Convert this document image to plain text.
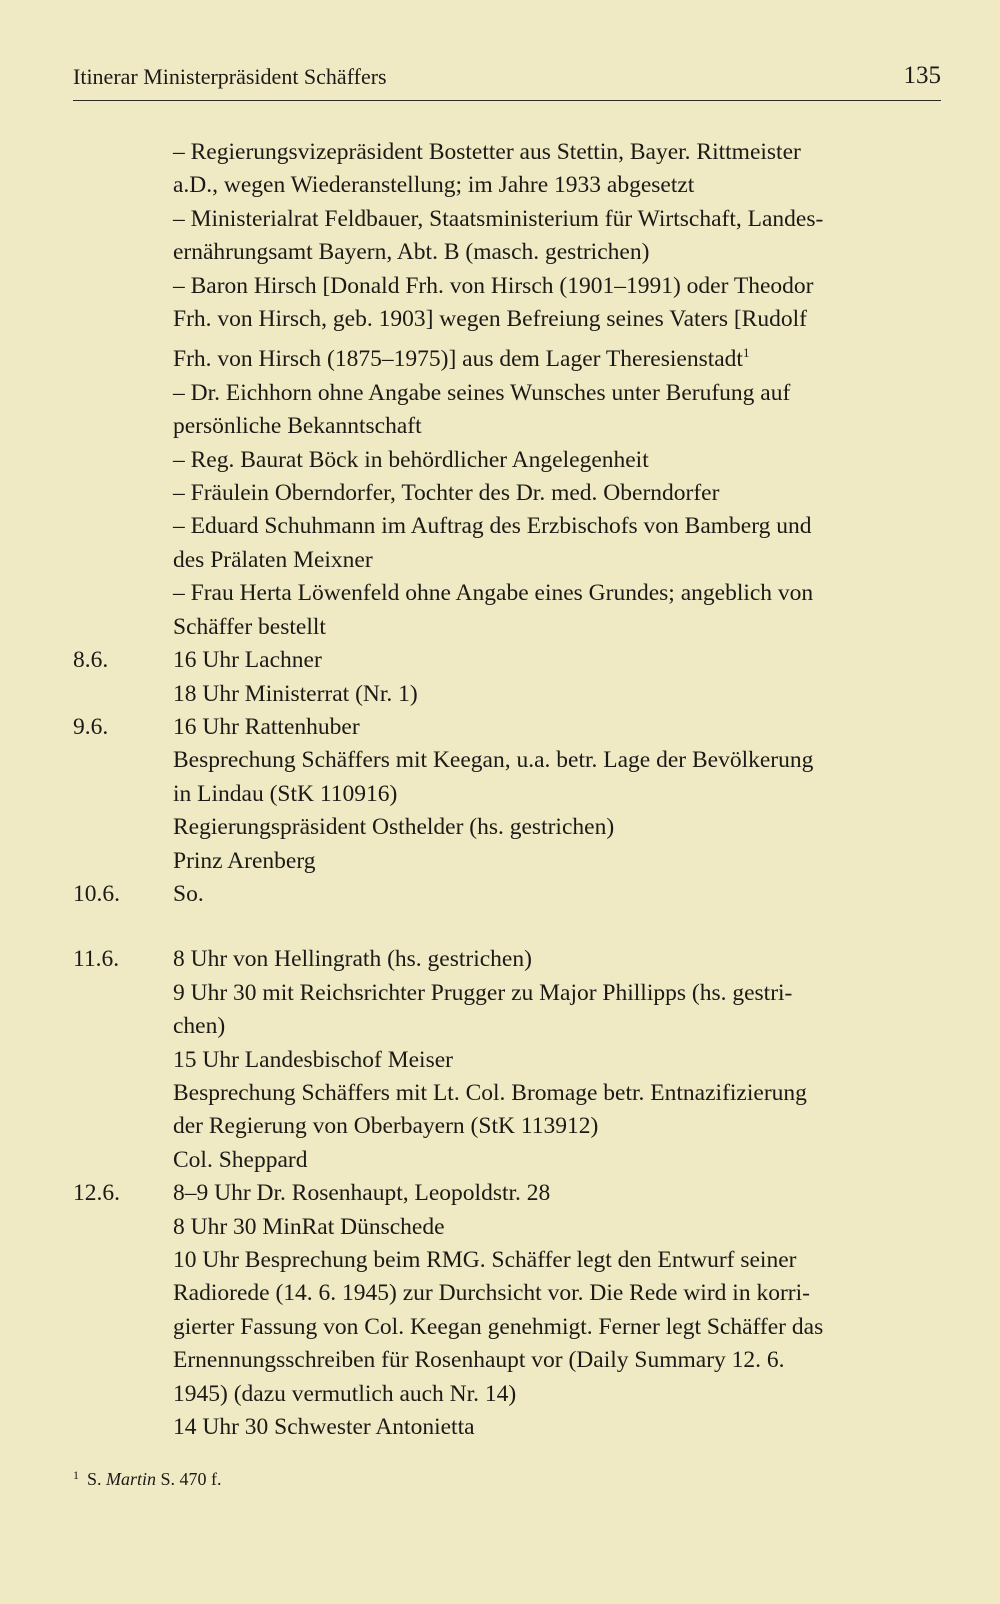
Itinerar Ministerpräsident Schäffers	135
– Regierungsvizepräsident Bostetter aus Stettin, Bayer. Rittmeister
a.D., wegen Wiederanstellung; im Jahre 1933 abgesetzt
– Ministerialrat Feldbauer, Staatsministerium für Wirtschaft, Landes-
ernährungsamt Bayern, Abt. B (masch. gestrichen)
– Baron Hirsch [Donald Frh. von Hirsch (1901–1991) oder Theodor
Frh. von Hirsch, geb. 1903] wegen Befreiung seines Vaters [Rudolf
Frh. von Hirsch (1875–1975)] aus dem Lager Theresienstadt$^1$
– Dr. Eichhorn ohne Angabe seines Wunsches unter Berufung auf
persönliche Bekanntschaft
– Reg. Baurat Böck in behördlicher Angelegenheit
– Fräulein Oberndorfer, Tochter des Dr. med. Oberndorfer
– Eduard Schuhmann im Auftrag des Erzbischofs von Bamberg und
des Prälaten Meixner
– Frau Herta Löwenfeld ohne Angabe eines Grundes; angeblich von
Schäffer bestellt
8.6.	16 Uhr Lachner
18 Uhr Ministerrat (Nr. 1)
9.6.	16 Uhr Rattenhuber
Besprechung Schäffers mit Keegan, u.a. betr. Lage der Bevölkerung
in Lindau (StK 110916)
Regierungspräsident Osthelder (hs. gestrichen)
Prinz Arenberg
10.6.	So.
11.6.	8 Uhr von Hellingrath (hs. gestrichen)
9 Uhr 30 mit Reichsrichter Prugger zu Major Phillipps (hs. gestri-
chen)
15 Uhr Landesbischof Meiser
Besprechung Schäffers mit Lt. Col. Bromage betr. Entnazifizierung
der Regierung von Oberbayern (StK 113912)
Col. Sheppard
12.6.	8–9 Uhr Dr. Rosenhaupt, Leopoldstr. 28
8 Uhr 30 MinRat Dünschede
10 Uhr Besprechung beim RMG. Schäffer legt den Entwurf seiner
Radiorede (14. 6. 1945) zur Durchsicht vor. Die Rede wird in korri-
gierter Fassung von Col. Keegan genehmigt. Ferner legt Schäffer das
Ernennungsschreiben für Rosenhaupt vor (Daily Summary 12. 6.
1945) (dazu vermutlich auch Nr. 14)
14 Uhr 30 Schwester Antonietta
$^1$ S. Martin S. 470 f.
